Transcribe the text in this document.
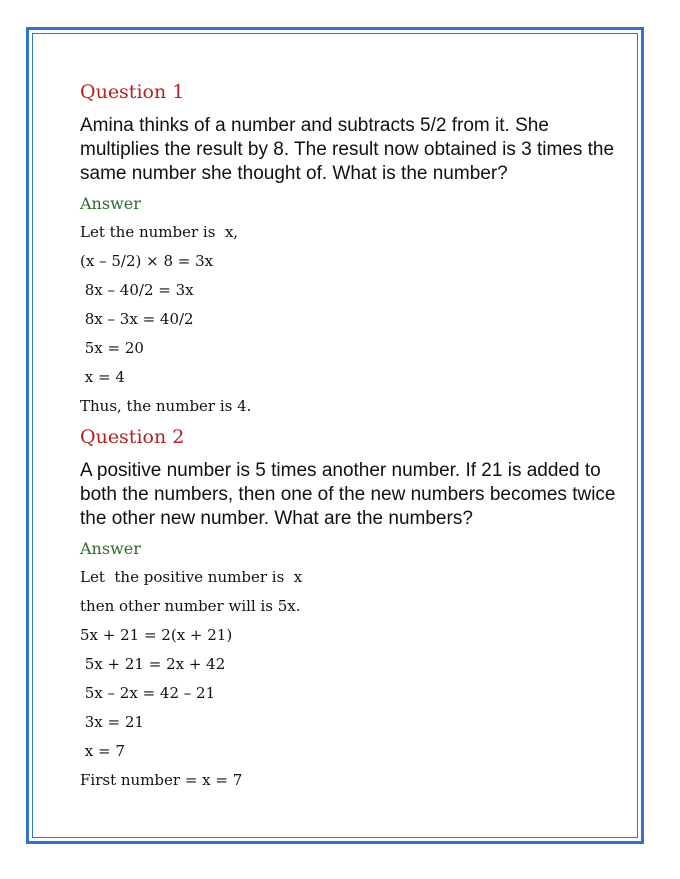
Question 1
Amina thinks of a number and subtracts 5/2 from it. She multiplies the result by 8. The result now obtained is 3 times the same number she thought of. What is the number?
Answer
Let the number is  x,
(x – 5/2) × 8 = 3x
8x – 40/2 = 3x
8x – 3x = 40/2
5x = 20
x = 4
Thus, the number is 4.
Question 2
A positive number is 5 times another number. If 21 is added to both the numbers, then one of the new numbers becomes twice the other new number. What are the numbers?
Answer
Let  the positive number is  x
then other number will is 5x.
5x + 21 = 2(x + 21)
5x + 21 = 2x + 42
5x – 2x = 42 – 21
3x = 21
x = 7
First number = x = 7
